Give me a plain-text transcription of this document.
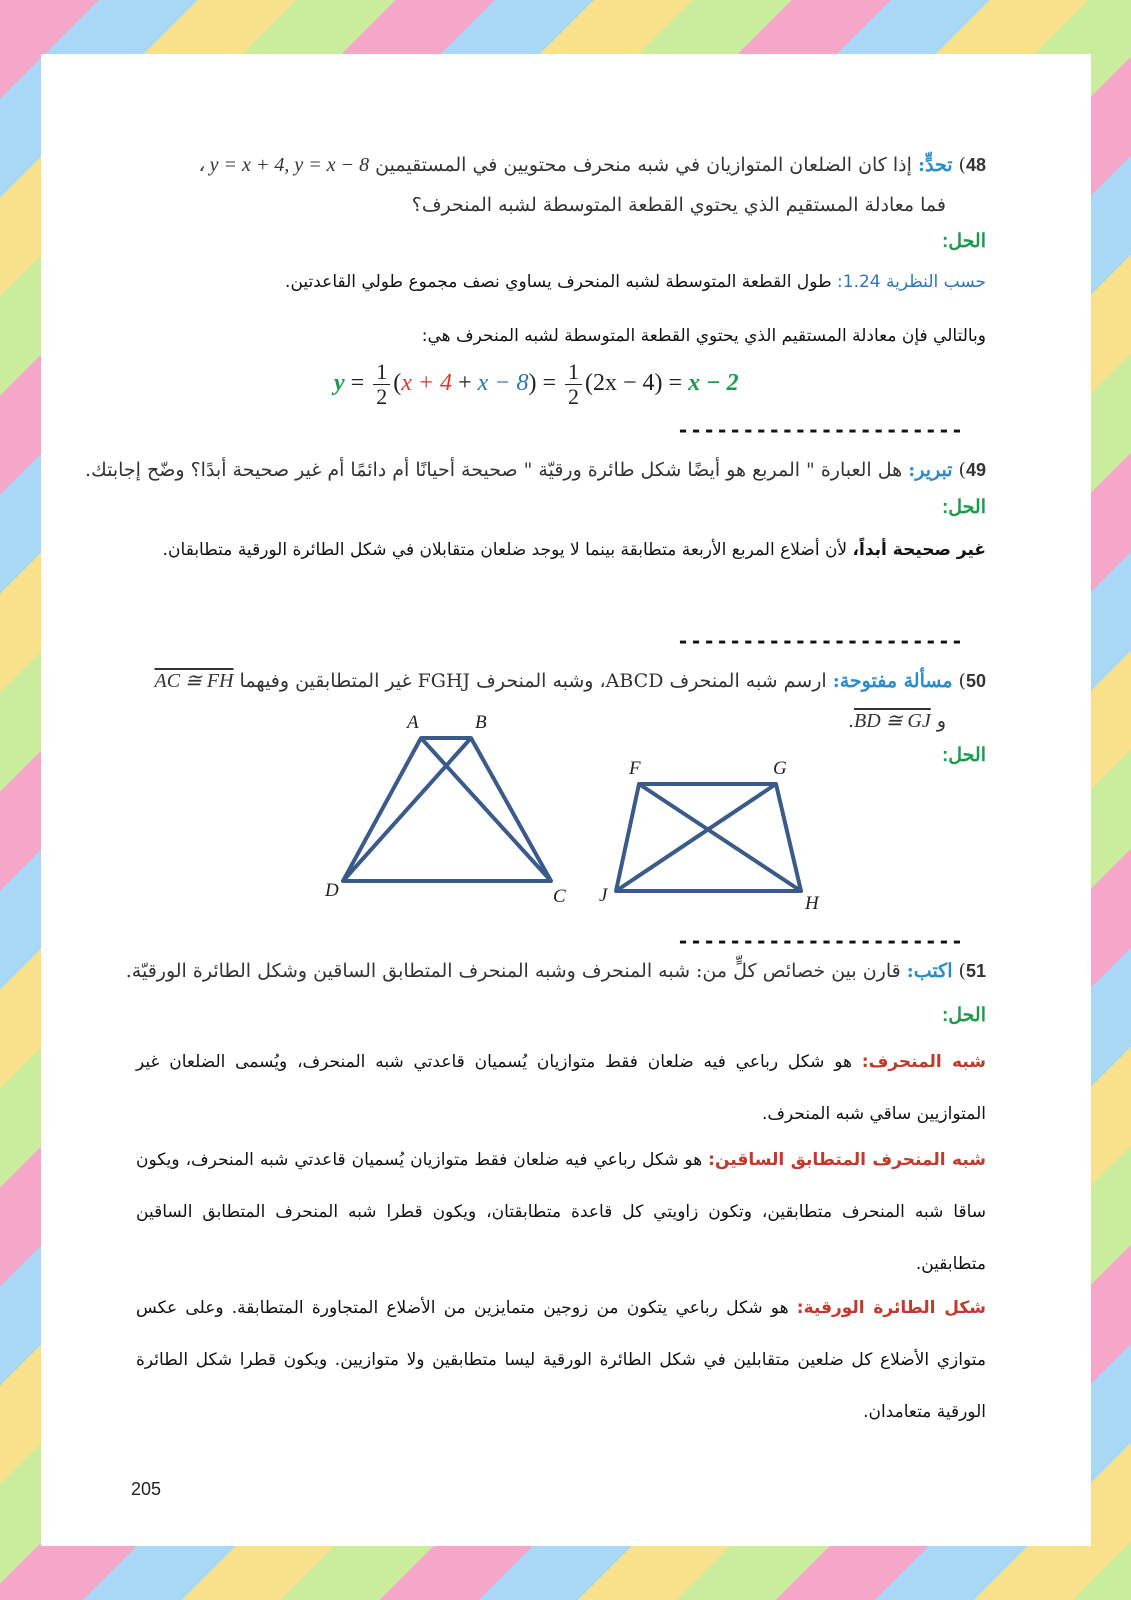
48) تحدٍّ: إذا كان الضلعان المتوازيان في شبه منحرف محتويين في المستقيمين ، y = x + 4, y = x − 8
فما معادلة المستقيم الذي يحتوي القطعة المتوسطة لشبه المنحرف؟
الحل:
حسب النظرية 1.24: طول القطعة المتوسطة لشبه المنحرف يساوي نصف مجموع طولي القاعدتين.
وبالتالي فإن معادلة المستقيم الذي يحتوي القطعة المتوسطة لشبه المنحرف هي:
$y = \frac{1}{2} (x + 4 + x - 8) = \frac{1}{2} (2x - 4) = x - 2$
----------------------
49) تبرير: هل العبارة " المربع هو أيضًا شكل طائرة ورقيّة " صحيحة أحيانًا أم دائمًا أم غير صحيحة أبدًا؟ وضّح إجابتك.
الحل:
غير صحيحة أبداً، لأن أضلاع المربع الأربعة متطابقة بينما لا يوجد ضلعان متقابلان في شكل الطائرة الورقية متطابقان.
----------------------
50) مسألة مفتوحة: ارسم شبه المنحرف ABCD، وشبه المنحرف FGHJ غير المتطابقين وفيهما AC ≅ FH
و BD ≅ GJ.
الحل:
A	B
C
D
F	G
H
J
----------------------
51) اكتب: قارن بين خصائص كلٍّ من: شبه المنحرف وشبه المنحرف المتطابق الساقين وشكل الطائرة الورقيّة.
الحل:
شبه المنحرف: هو شكل رباعي فيه ضلعان فقط متوازيان يُسميان قاعدتي شبه المنحرف، ويُسمى الضلعان غير المتوازيين ساقي شبه المنحرف.
شبه المنحرف المتطابق الساقين: هو شكل رباعي فيه ضلعان فقط متوازيان يُسميان قاعدتي شبه المنحرف، ويكون ساقا شبه المنحرف متطابقين، وتكون زاويتي كل قاعدة متطابقتان، ويكون قطرا شبه المنحرف المتطابق الساقين متطابقين.
شكل الطائرة الورقية: هو شكل رباعي يتكون من زوجين متمايزين من الأضلاع المتجاورة المتطابقة. وعلى عكس متوازي الأضلاع كل ضلعين متقابلين في شكل الطائرة الورقية ليسا متطابقين ولا متوازيين. ويكون قطرا شكل الطائرة الورقية متعامدان.
205
